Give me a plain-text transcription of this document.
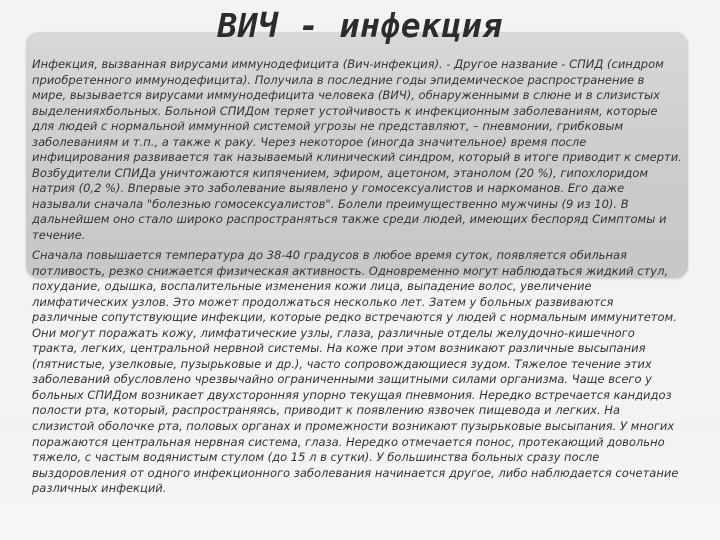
ВИЧ - инфекция

Инфекция, вызванная вирусами иммунодефицита (Вич-инфекция). - Другое название - СПИД (синдром
приобретенного иммунодефицита). Получила в последние годы эпидемическое распространение в
мире, вызывается вирусами иммунодефицита человека (ВИЧ), обнаруженными в слюне и в слизистых
выделенияхбольных. Больной СПИДом теряет устойчивость к инфекционным заболеваниям, которые
для людей с нормальной иммунной системой угрозы не представляют, – пневмонии, грибковым
заболеваниям и т.п., а также к раку. Через некоторое (иногда значительное) время после
инфицирования развивается так называемый клинический синдром, который в итоге приводит к смерти.
Возбудители СПИДа уничтожаются кипячением, эфиром, ацетоном, этанолом (20 %), гипохлоридом
натрия (0,2 %). Впервые это заболевание выявлено у гомосексуалистов и наркоманов. Его даже
называли сначала "болезнью гомосексуалистов". Болели преимущественно мужчины (9 из 10). В
дальнейшем оно стало широко распространяться также среди людей, имеющих беспоряд Симптомы и
течение.

Сначала повышается температура до 38-40 градусов в любое время суток, появляется обильная
потливость, резко снижается физическая активность. Одновременно могут наблюдаться жидкий стул,
похудание, одышка, воспалительные изменения кожи лица, выпадение волос, увеличение
лимфатических узлов. Это может продолжаться несколько лет. Затем у больных развиваются
различные сопутствующие инфекции, которые редко встречаются у людей с нормальным иммунитетом.
Они могут поражать кожу, лимфатические узлы, глаза, различные отделы желудочно-кишечного
тракта, легких, центральной нервной системы. На коже при этом возникают различные высыпания
(пятнистые, узелковые, пузырьковые и др.), часто сопровождающиеся зудом. Тяжелое течение этих
заболеваний обусловлено чрезвычайно ограниченными защитными силами организма. Чаще всего у
больных СПИДом возникает двухсторонняя упорно текущая пневмония. Нередко встречается кандидоз
полости рта, который, распространяясь, приводит к появлению язвочек пищевода и легких. На
слизистой оболочке рта, половых органах и промежности возникают пузырьковые высыпания. У многих
поражаются центральная нервная система, глаза. Нередко отмечается понос, протекающий довольно
тяжело, с частым водянистым стулом (до 15 л в сутки). У большинства больных сразу после
выздоровления от одного инфекционного заболевания начинается другое, либо наблюдается сочетание
различных инфекций.
